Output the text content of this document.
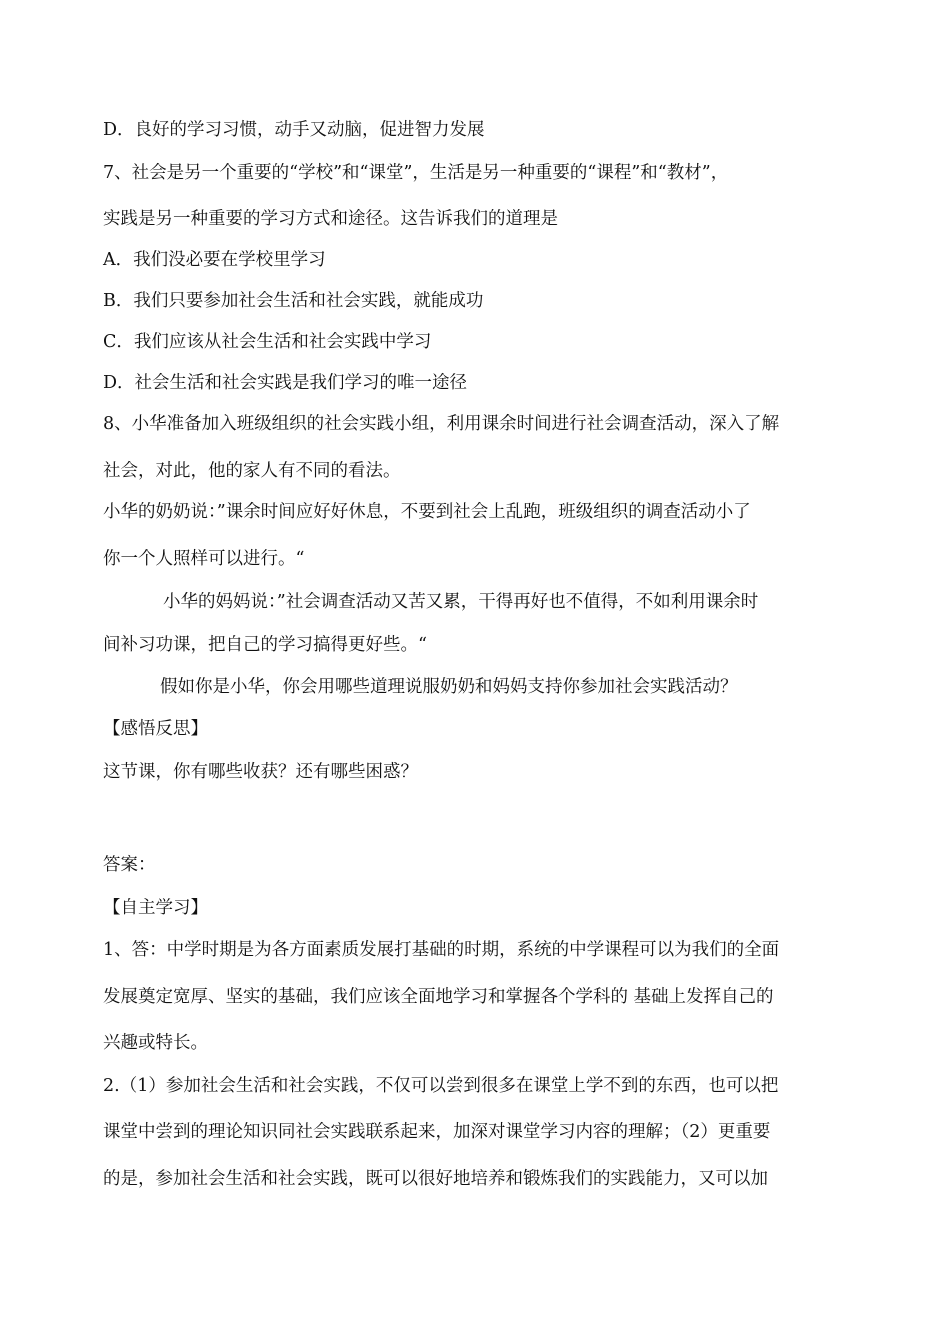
D．良好的学习习惯，动手又动脑，促进智力发展
7、社会是另一个重要的“学校”和“课堂”，生活是另一种重要的“课程”和“教材”，
实践是另一种重要的学习方式和途径。这告诉我们的道理是
A．我们没必要在学校里学习
B．我们只要参加社会生活和社会实践，就能成功
C．我们应该从社会生活和社会实践中学习
D．社会生活和社会实践是我们学习的唯一途径
8、小华准备加入班级组织的社会实践小组，利用课余时间进行社会调查活动，深入了解
社会，对此，他的家人有不同的看法。
小华的奶奶说：”课余时间应好好休息，不要到社会上乱跑，班级组织的调查活动小了
你一个人照样可以进行。“
小华的妈妈说：”社会调查活动又苦又累，干得再好也不值得，不如利用课余时
间补习功课，把自己的学习搞得更好些。“
假如你是小华，你会用哪些道理说服奶奶和妈妈支持你参加社会实践活动？
【感悟反思】
这节课，你有哪些收获？还有哪些困惑？
答案：
【自主学习】
1、答：中学时期是为各方面素质发展打基础的时期，系统的中学课程可以为我们的全面
发展奠定宽厚、坚实的基础，我们应该全面地学习和掌握各个学科的 基础上发挥自己的
兴趣或特长。
2.（1）参加社会生活和社会实践，不仅可以尝到很多在课堂上学不到的东西，也可以把
课堂中尝到的理论知识同社会实践联系起来，加深对课堂学习内容的理解；（2）更重要
的是，参加社会生活和社会实践，既可以很好地培养和锻炼我们的实践能力，又可以加
